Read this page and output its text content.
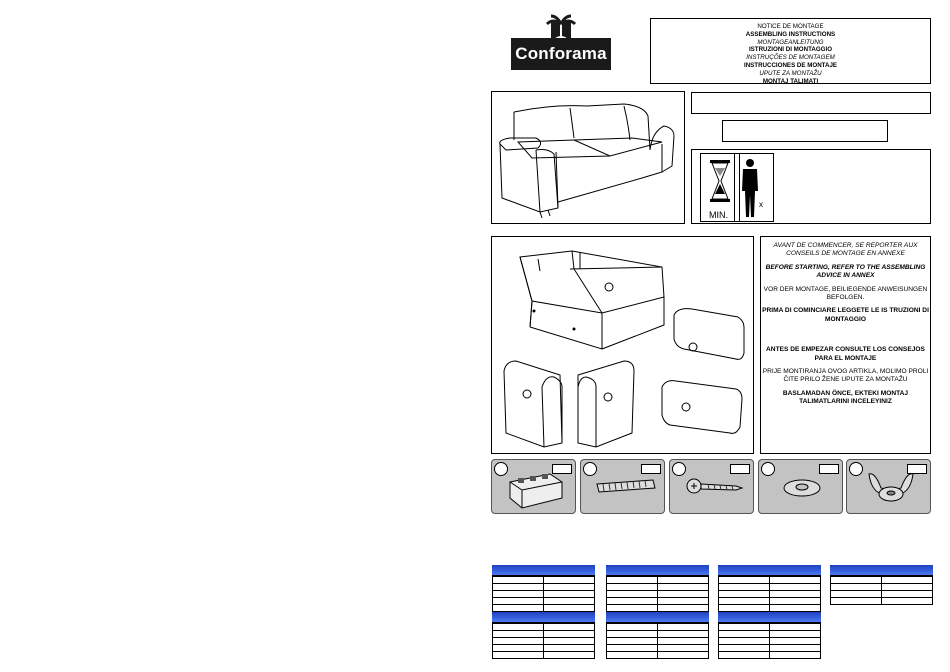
Conforama
NOTICE DE MONTAGE
ASSEMBLING INSTRUCTIONS
MONTAGEANLEITUNG
ISTRUZIONI DI MONTAGGIO
INSTRUÇÕES DE MONTAGEM
INSTRUCCIONES DE MONTAJE
UPUTE ZA MONTAŽU
MONTAJ TALIMATI
MIN.
x

AVANT DE COMMENCER, SE REPORTER AUX CONSEILS DE MONTAGE EN ANNEXE

BEFORE STARTING, REFER TO THE ASSEMBLING ADVICE IN ANNEX

VOR DER MONTAGE, BEILIEGENDE ANWEISUNGEN BEFOLGEN.

PRIMA DI COMINCIARE LEGGETE LE IS TRUZIONI DI MONTAGGIO

ANTES DE EMPEZAR CONSULTE LOS CONSEJOS PARA EL MONTAJE

PRIJE MONTIRANJA OVOG ARTIKLA, MOLIMO PROLI ČITE PRILO ŽENE UPUTE ZA MONTAŽU

BASLAMADAN ÖNCE, EKTEKI MONTAJ TALIMATLARINI INCELEYINIZ
